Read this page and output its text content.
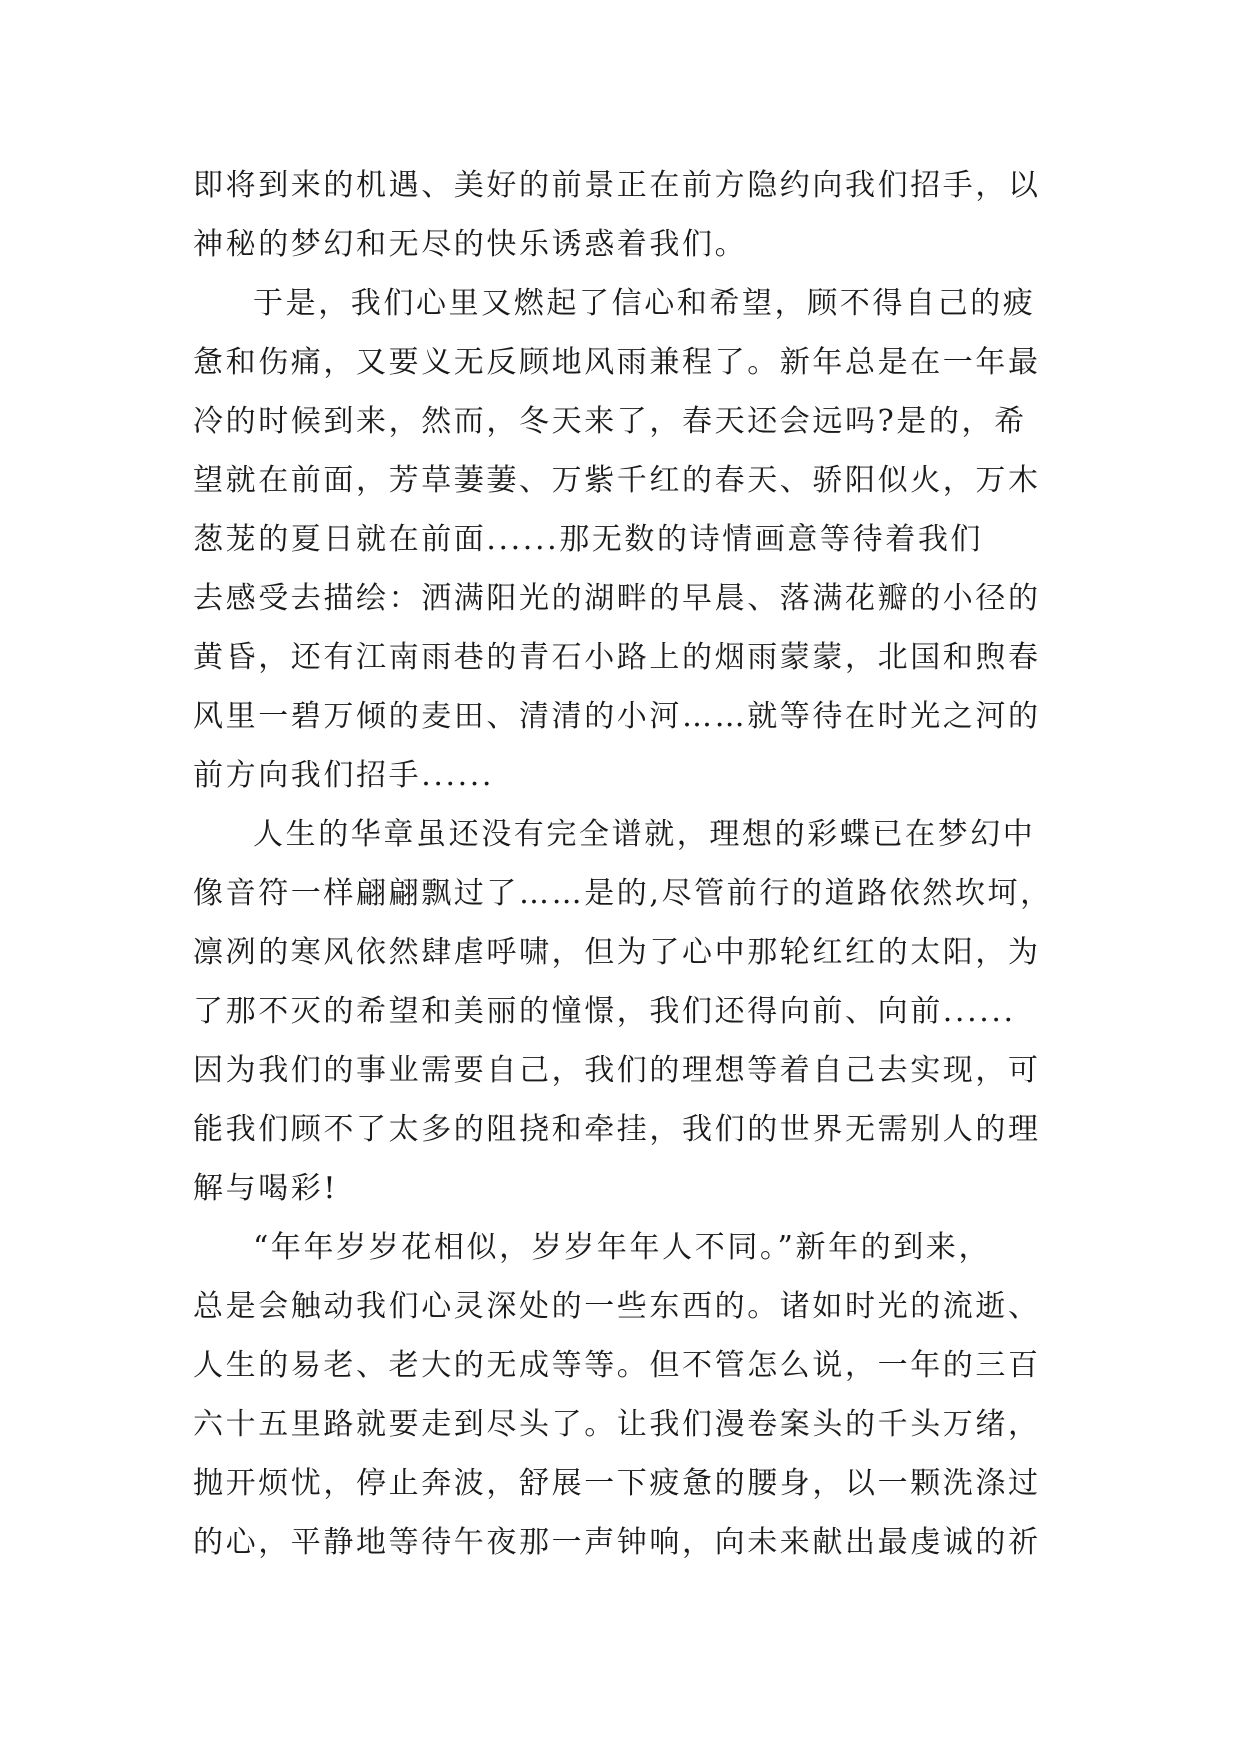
即将到来的机遇、美好的前景正在前方隐约向我们招手，以
神秘的梦幻和无尽的快乐诱惑着我们。
于是，我们心里又燃起了信心和希望，顾不得自己的疲
惫和伤痛，又要义无反顾地风雨兼程了。新年总是在一年最
冷的时候到来，然而，冬天来了，春天还会远吗?是的，希
望就在前面，芳草萋萋、万紫千红的春天、骄阳似火，万木
葱茏的夏日就在前面......那无数的诗情画意等待着我们
去感受去描绘：洒满阳光的湖畔的早晨、落满花瓣的小径的
黄昏，还有江南雨巷的青石小路上的烟雨蒙蒙，北国和煦春
风里一碧万倾的麦田、清清的小河……就等待在时光之河的
前方向我们招手......
人生的华章虽还没有完全谱就，理想的彩蝶已在梦幻中
像音符一样翩翩飘过了……是的,尽管前行的道路依然坎坷，
凛冽的寒风依然肆虐呼啸，但为了心中那轮红红的太阳，为
了那不灭的希望和美丽的憧憬，我们还得向前、向前......
因为我们的事业需要自己，我们的理想等着自己去实现，可
能我们顾不了太多的阻挠和牵挂，我们的世界无需别人的理
解与喝彩!
“年年岁岁花相似，岁岁年年人不同。”新年的到来，
总是会触动我们心灵深处的一些东西的。诸如时光的流逝、
人生的易老、老大的无成等等。但不管怎么说，一年的三百
六十五里路就要走到尽头了。让我们漫卷案头的千头万绪，
抛开烦忧，停止奔波，舒展一下疲惫的腰身，以一颗洗涤过
的心，平静地等待午夜那一声钟响，向未来献出最虔诚的祈
